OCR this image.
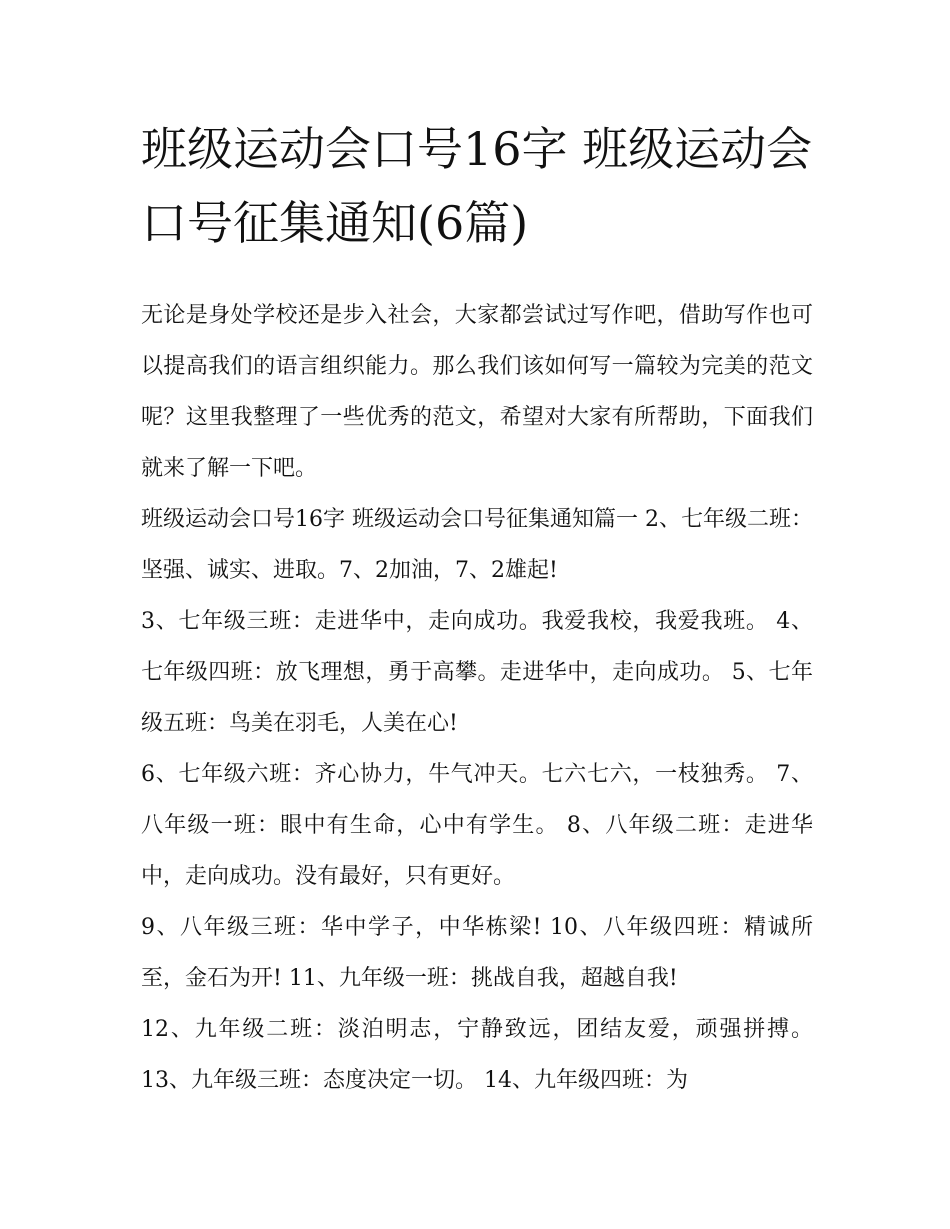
班级运动会口号16字 班级运动会口号征集通知(6篇)

无论是身处学校还是步入社会，大家都尝试过写作吧，借助写作也可以提高我们的语言组织能力。那么我们该如何写一篇较为完美的范文呢？这里我整理了一些优秀的范文，希望对大家有所帮助，下面我们就来了解一下吧。

班级运动会口号16字 班级运动会口号征集通知篇一 2、七年级二班：坚强、诚实、进取。7、2加油，7、2雄起!

3、七年级三班：走进华中，走向成功。我爱我校，我爱我班。 4、七年级四班：放飞理想，勇于高攀。走进华中，走向成功。 5、七年级五班：鸟美在羽毛，人美在心!

6、七年级六班：齐心协力，牛气冲天。七六七六，一枝独秀。 7、八年级一班：眼中有生命，心中有学生。 8、八年级二班：走进华中，走向成功。没有最好，只有更好。

9、八年级三班：华中学子，中华栋梁! 10、八年级四班：精诚所至，金石为开! 11、九年级一班：挑战自我，超越自我!

12、九年级二班：淡泊明志，宁静致远，团结友爱，顽强拼搏。 13、九年级三班：态度决定一切。 14、九年级四班：为
